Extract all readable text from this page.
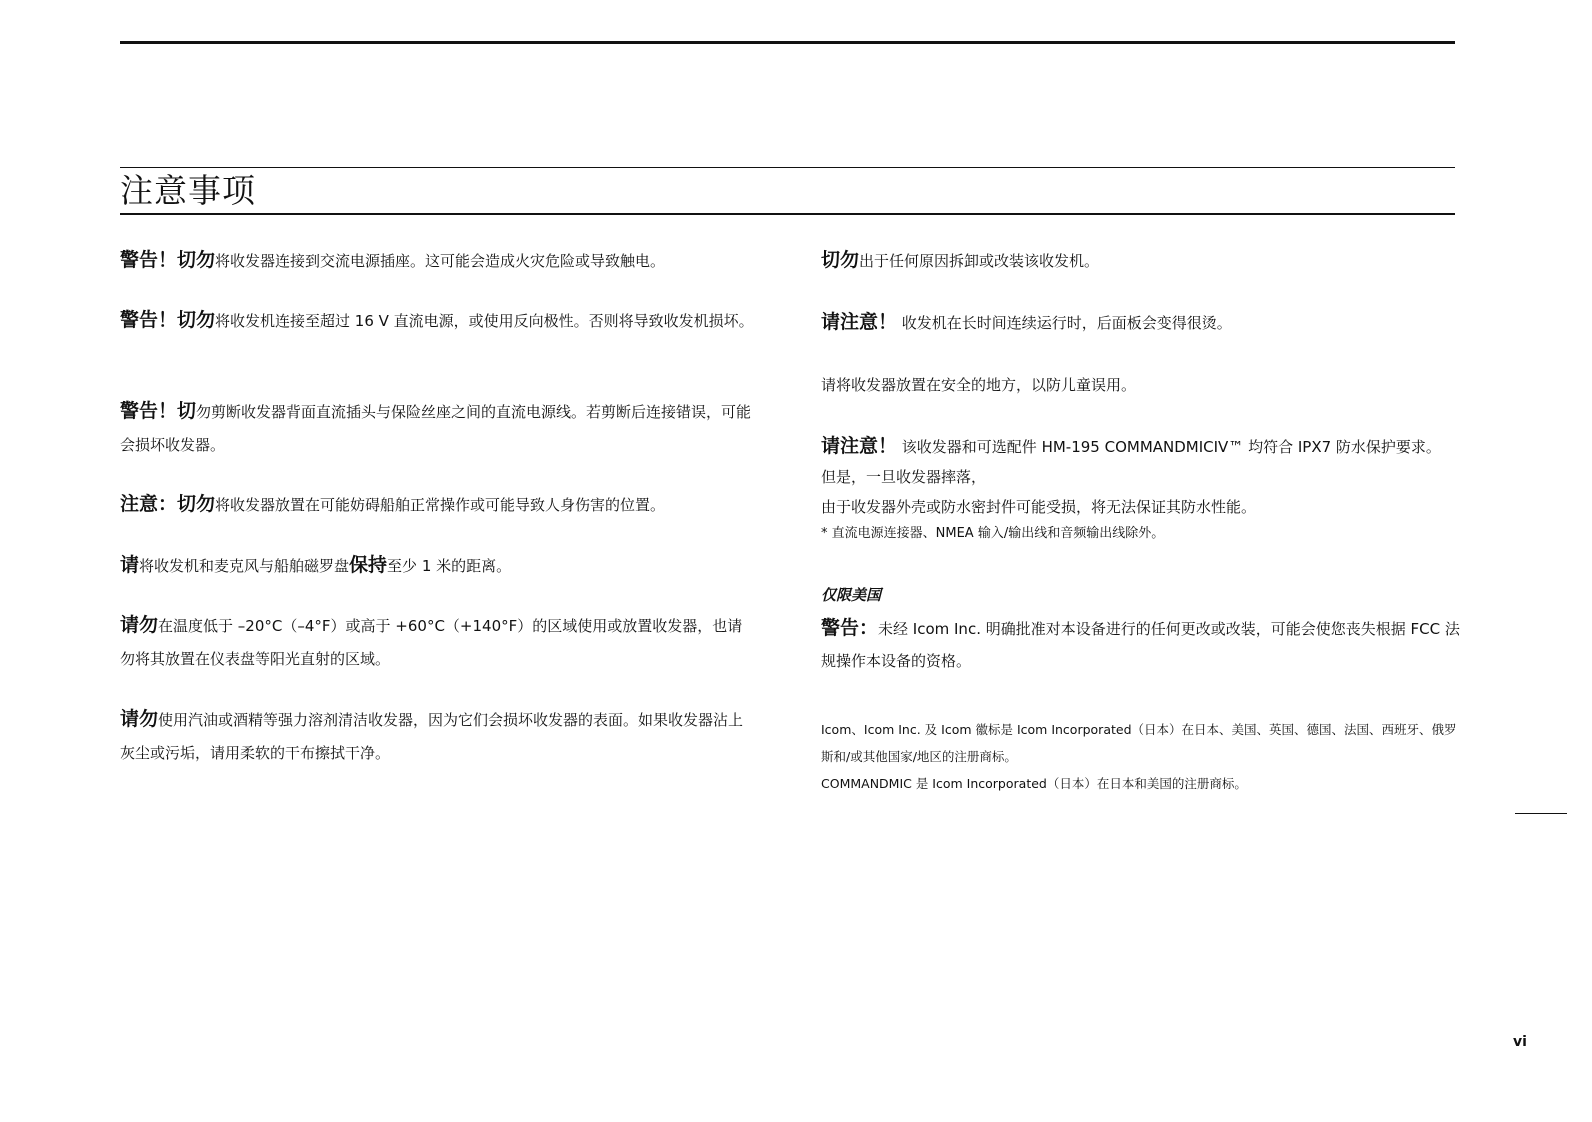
注意事项

警告！切勿将收发器连接到交流电源插座。这可能会造成火灾危险或导致触电。

警告！切勿将收发机连接至超过 16 V 直流电源，或使用反向极性。否则将导致收发机损坏。

警告！切勿剪断收发器背面直流插头与保险丝座之间的直流电源线。若剪断后连接错误，可能会损坏收发器。

注意：切勿将收发器放置在可能妨碍船舶正常操作或可能导致人身伤害的位置。

请将收发机和麦克风与船舶磁罗盘保持至少 1 米的距离。

请勿在温度低于 –20°C（–4°F）或高于 +60°C（+140°F）的区域使用或放置收发器，也请勿将其放置在仪表盘等阳光直射的区域。

请勿使用汽油或酒精等强力溶剂清洁收发器，因为它们会损坏收发器的表面。如果收发器沾上灰尘或污垢，请用柔软的干布擦拭干净。

切勿出于任何原因拆卸或改装该收发机。

请注意！ 收发机在长时间连续运行时，后面板会变得很烫。

请将收发器放置在安全的地方，以防儿童误用。

请注意！ 该收发器和可选配件 HM-195 COMMANDMICIV™ 均符合 IPX7 防水保护要求。
但是，一旦收发器摔落，
由于收发器外壳或防水密封件可能受损，将无法保证其防水性能。
* 直流电源连接器、NMEA 输入/输出线和音频输出线除外。
仅限美国
警告：未经 Icom Inc. 明确批准对本设备进行的任何更改或改装，可能会使您丧失根据 FCC 法规操作本设备的资格。
Icom、Icom Inc. 及 Icom 徽标是 Icom Incorporated（日本）在日本、美国、英国、德国、法国、西班牙、俄罗斯和/或其他国家/地区的注册商标。
COMMANDMIC 是 Icom Incorporated（日本）在日本和美国的注册商标。
vi
